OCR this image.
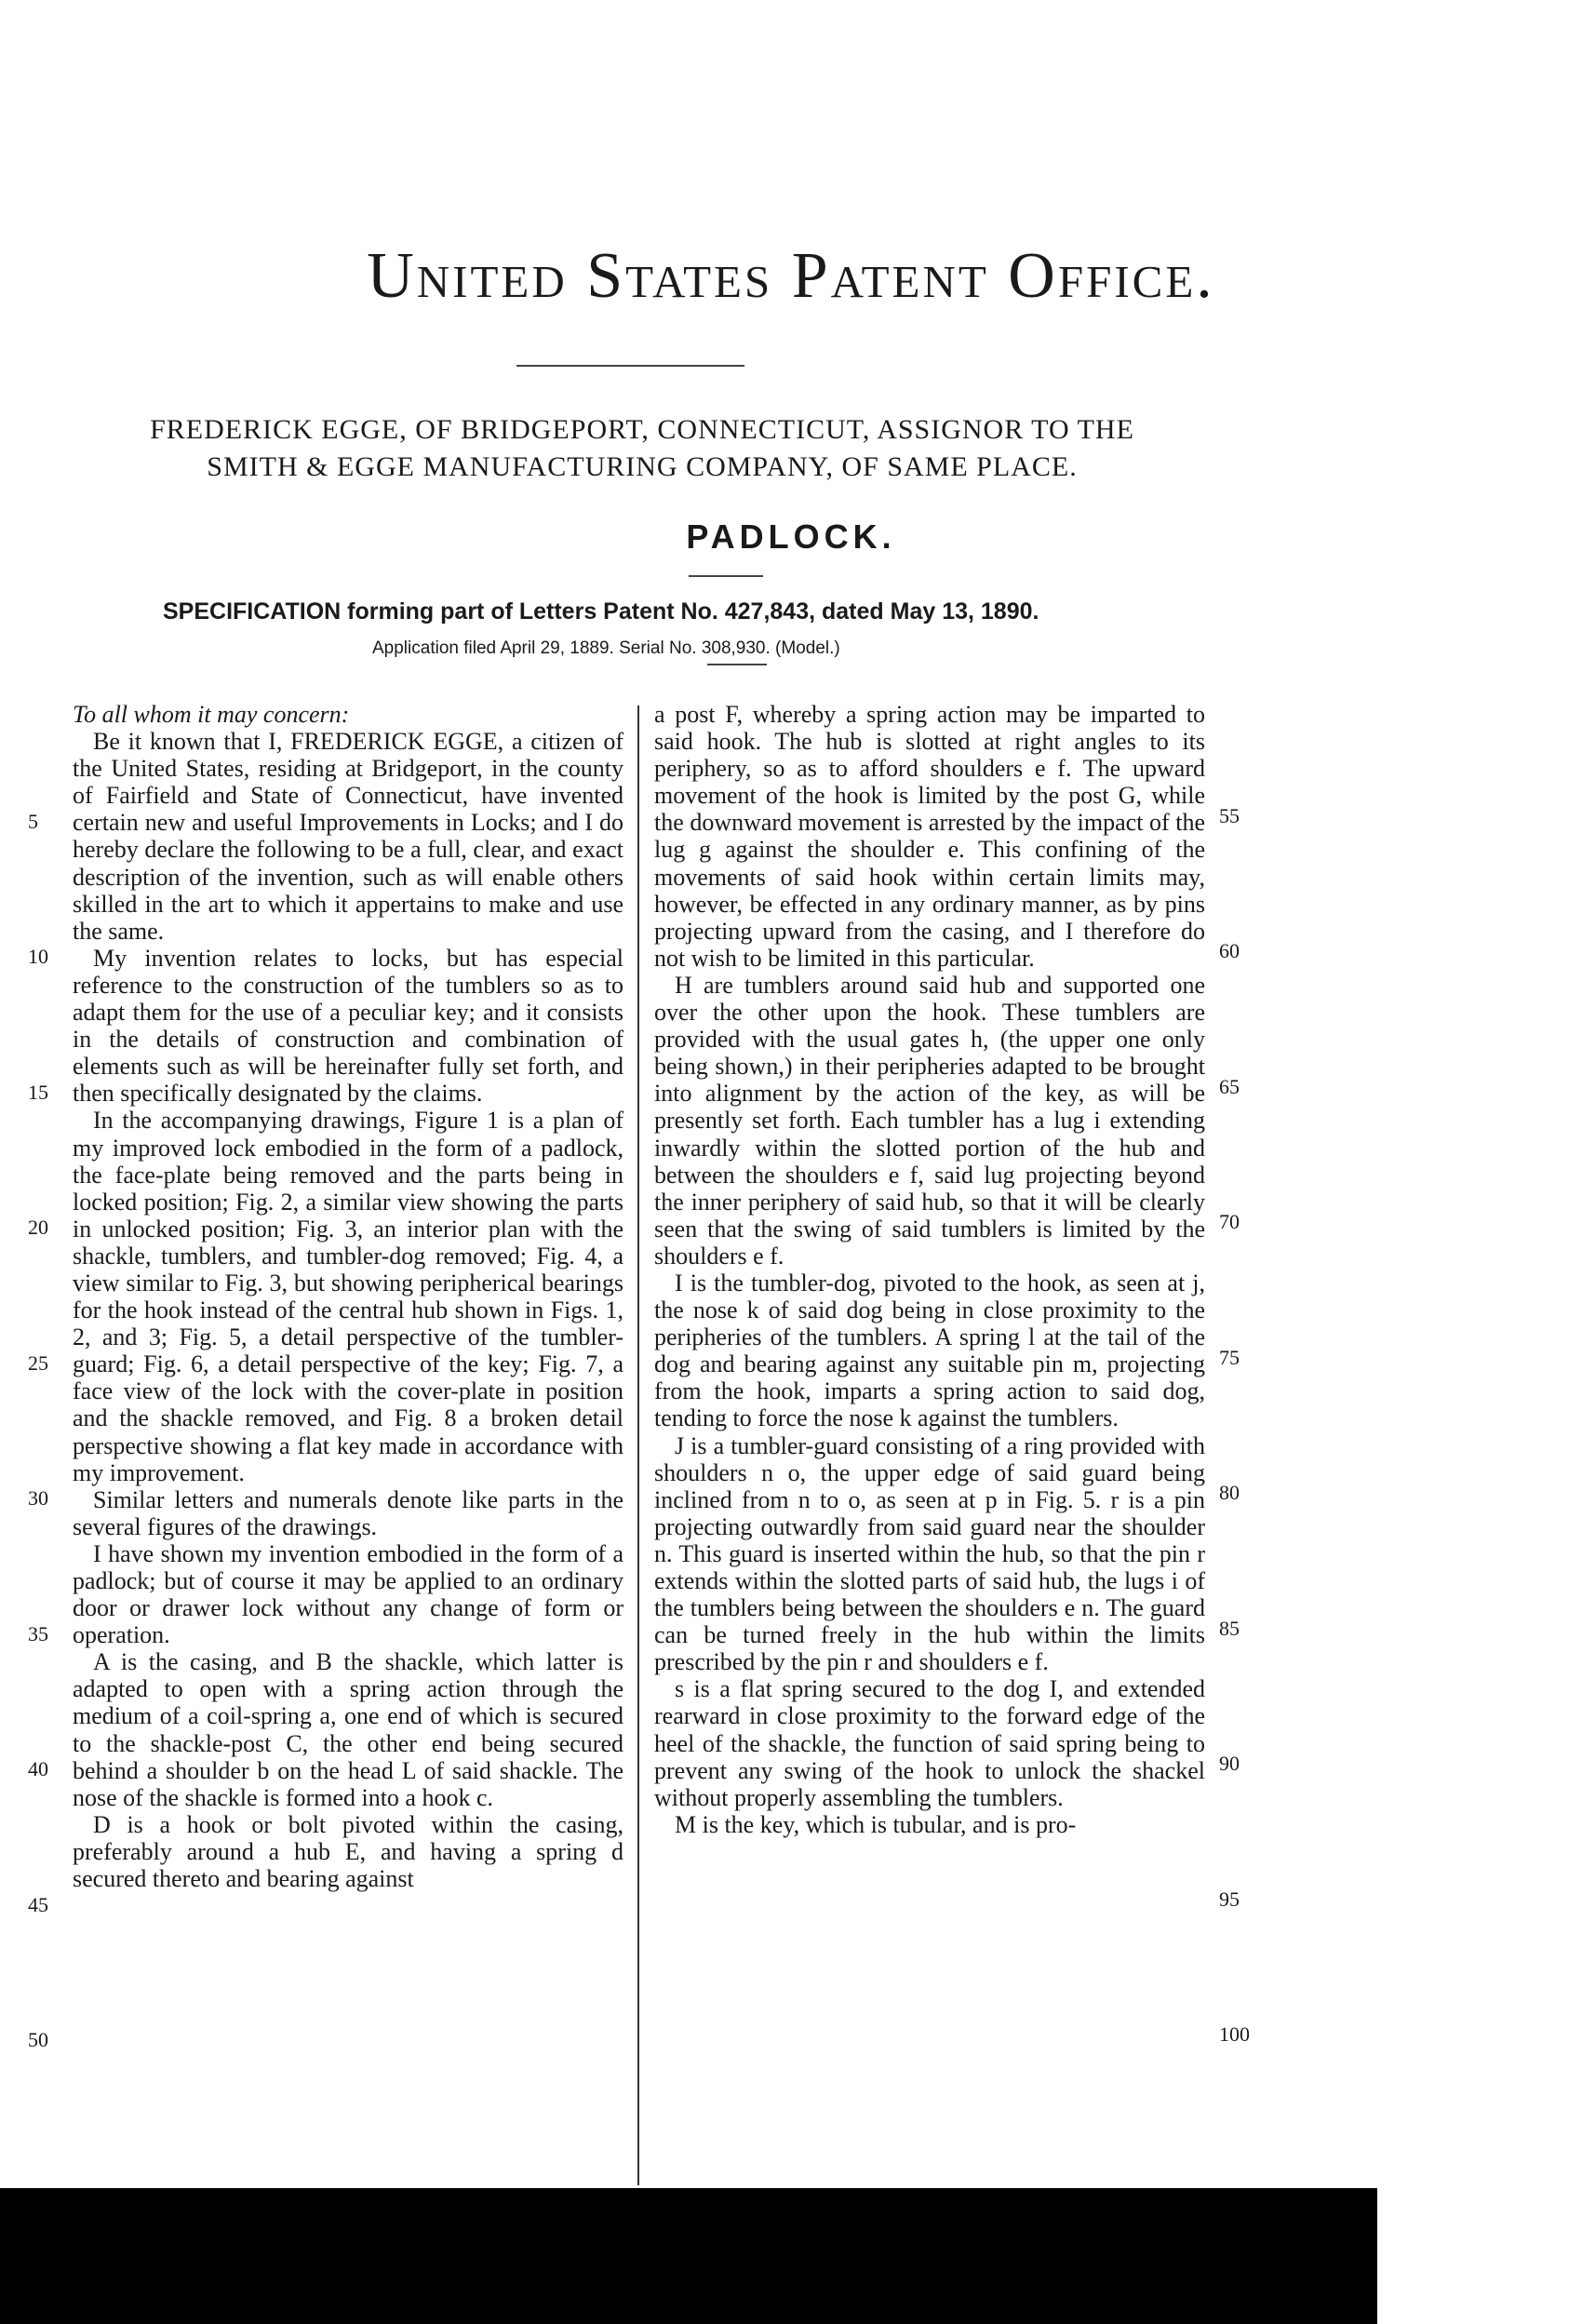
United States Patent Office.
FREDERICK EGGE, OF BRIDGEPORT, CONNECTICUT, ASSIGNOR TO THE
SMITH & EGGE MANUFACTURING COMPANY, OF SAME PLACE.
PADLOCK.
SPECIFICATION forming part of Letters Patent No. 427,843, dated May 13, 1890.
Application filed April 29, 1889. Serial No. 308,930. (Model.)

To all whom it may concern:

Be it known that I, FREDERICK EGGE, a citizen of the United States, residing at Bridgeport, in the county of Fairfield and State of Connecticut, have invented certain new and useful Improvements in Locks; and I do hereby declare the following to be a full, clear, and exact description of the invention, such as will enable others skilled in the art to which it appertains to make and use the same.

My invention relates to locks, but has especial reference to the construction of the tumblers so as to adapt them for the use of a peculiar key; and it consists in the details of construction and combination of elements such as will be hereinafter fully set forth, and then specifically designated by the claims.

In the accompanying drawings, Figure 1 is a plan of my improved lock embodied in the form of a padlock, the face-plate being removed and the parts being in locked position; Fig. 2, a similar view showing the parts in unlocked position; Fig. 3, an interior plan with the shackle, tumblers, and tumbler-dog removed; Fig. 4, a view similar to Fig. 3, but showing peripherical bearings for the hook instead of the central hub shown in Figs. 1, 2, and 3; Fig. 5, a detail perspective of the tumbler-guard; Fig. 6, a detail perspective of the key; Fig. 7, a face view of the lock with the cover-plate in position and the shackle removed, and Fig. 8 a broken detail perspective showing a flat key made in accordance with my improvement.

Similar letters and numerals denote like parts in the several figures of the drawings.

I have shown my invention embodied in the form of a padlock; but of course it may be applied to an ordinary door or drawer lock without any change of form or operation.

A is the casing, and B the shackle, which latter is adapted to open with a spring action through the medium of a coil-spring a, one end of which is secured to the shackle-post C, the other end being secured behind a shoulder b on the head L of said shackle. The nose of the shackle is formed into a hook c.

D is a hook or bolt pivoted within the casing, preferably around a hub E, and having a spring d secured thereto and bearing against

a post F, whereby a spring action may be imparted to said hook. The hub is slotted at right angles to its periphery, so as to afford shoulders e f. The upward movement of the hook is limited by the post G, while the downward movement is arrested by the impact of the lug g against the shoulder e. This confining of the movements of said hook within certain limits may, however, be effected in any ordinary manner, as by pins projecting upward from the casing, and I therefore do not wish to be limited in this particular.

H are tumblers around said hub and supported one over the other upon the hook. These tumblers are provided with the usual gates h, (the upper one only being shown,) in their peripheries adapted to be brought into alignment by the action of the key, as will be presently set forth. Each tumbler has a lug i extending inwardly within the slotted portion of the hub and between the shoulders e f, said lug projecting beyond the inner periphery of said hub, so that it will be clearly seen that the swing of said tumblers is limited by the shoulders e f.

I is the tumbler-dog, pivoted to the hook, as seen at j, the nose k of said dog being in close proximity to the peripheries of the tumblers. A spring l at the tail of the dog and bearing against any suitable pin m, projecting from the hook, imparts a spring action to said dog, tending to force the nose k against the tumblers.

J is a tumbler-guard consisting of a ring provided with shoulders n o, the upper edge of said guard being inclined from n to o, as seen at p in Fig. 5. r is a pin projecting outwardly from said guard near the shoulder n. This guard is inserted within the hub, so that the pin r extends within the slotted parts of said hub, the lugs i of the tumblers being between the shoulders e n. The guard can be turned freely in the hub within the limits prescribed by the pin r and shoulders e f.

s is a flat spring secured to the dog I, and extended rearward in close proximity to the forward edge of the heel of the shackle, the function of said spring being to prevent any swing of the hook to unlock the shackel without properly assembling the tumblers.

M is the key, which is tubular, and is pro-

5
10
15
20
25
30
35
40
45
50
55
60
65
70
75
80
85
90
95
100
